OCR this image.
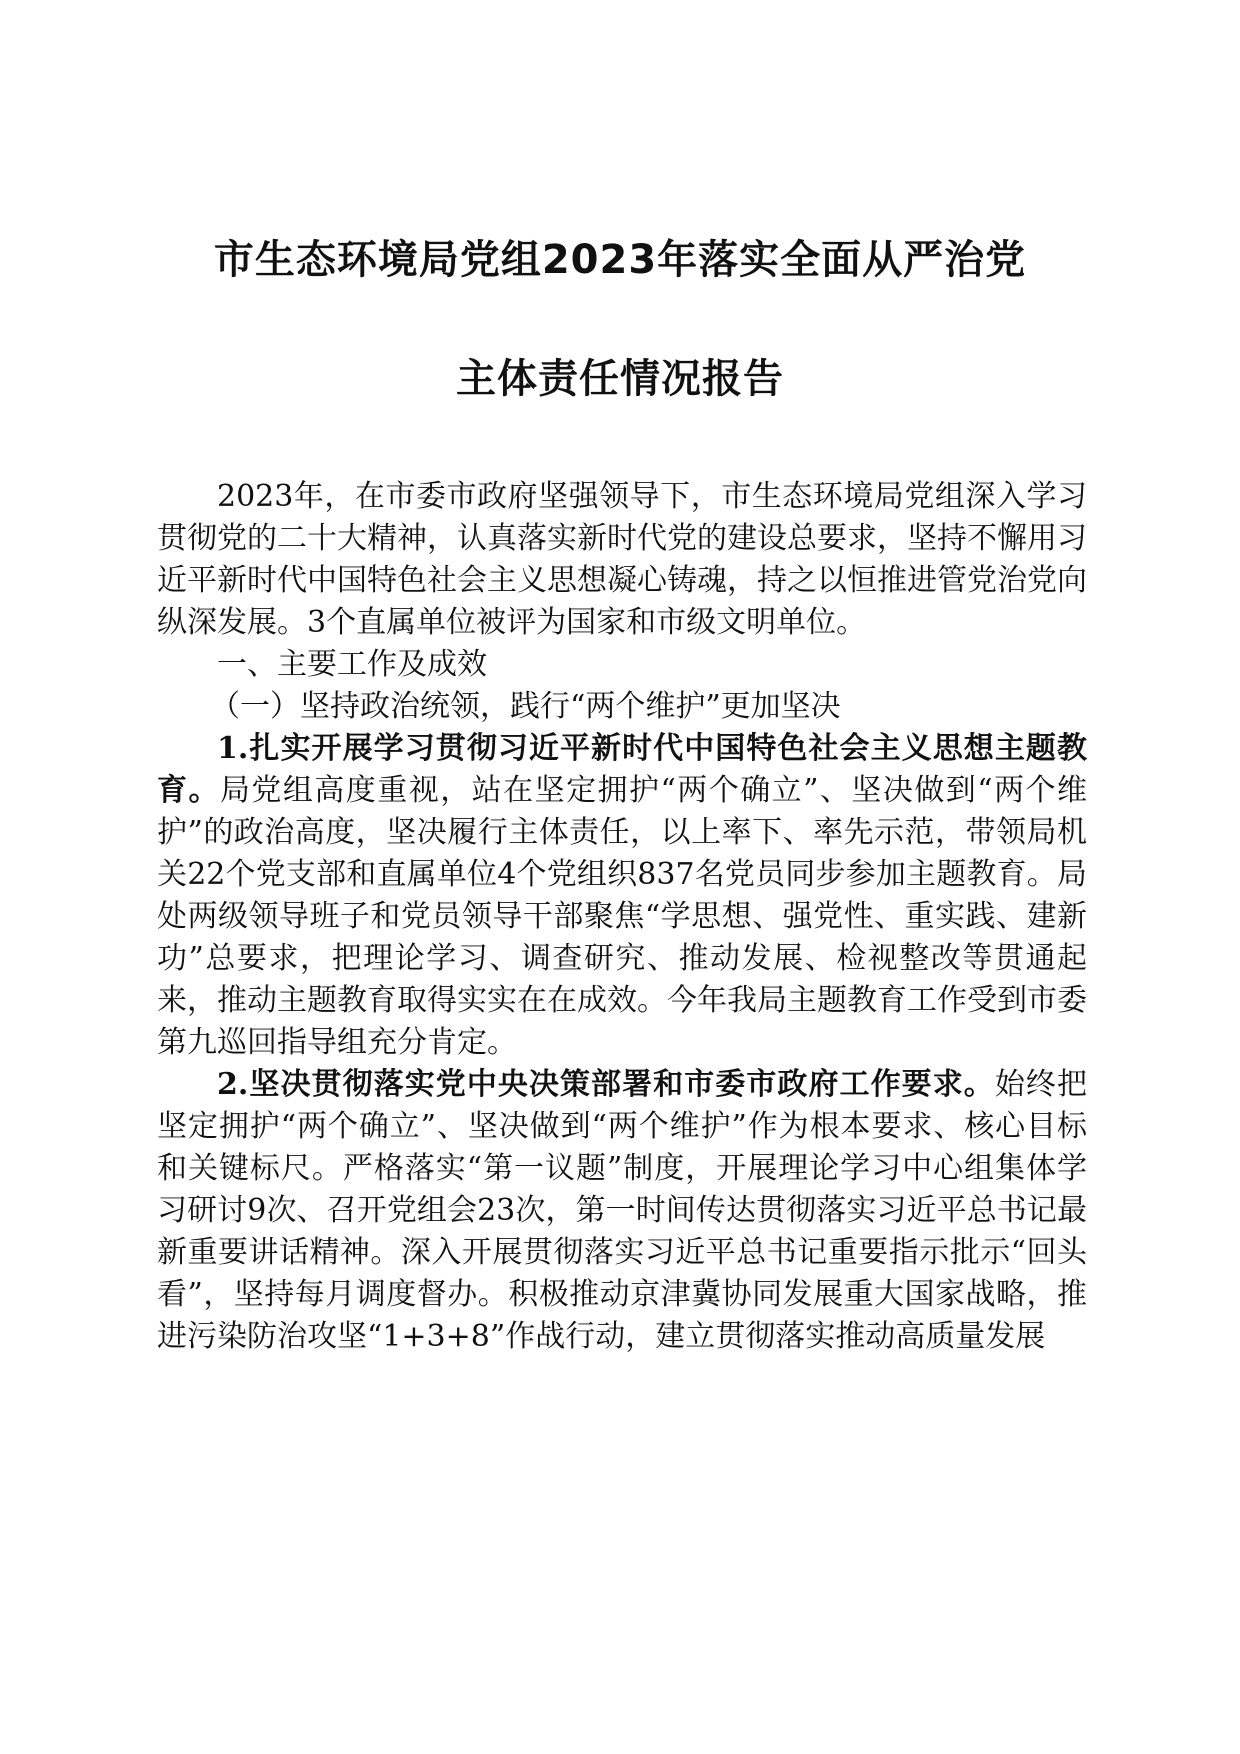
市生态环境局党组2023年落实全面从严治党
主体责任情况报告

2023年，在市委市政府坚强领导下，市生态环境局党组深入学习贯彻党的二十大精神，认真落实新时代党的建设总要求，坚持不懈用习近平新时代中国特色社会主义思想凝心铸魂，持之以恒推进管党治党向纵深发展。3个直属单位被评为国家和市级文明单位。

一、主要工作及成效

（一）坚持政治统领，践行“两个维护”更加坚决

1.扎实开展学习贯彻习近平新时代中国特色社会主义思想主题教育。局党组高度重视，站在坚定拥护“两个确立”、坚决做到“两个维护”的政治高度，坚决履行主体责任，以上率下、率先示范，带领局机关22个党支部和直属单位4个党组织837名党员同步参加主题教育。局处两级领导班子和党员领导干部聚焦“学思想、强党性、重实践、建新功”总要求，把理论学习、调查研究、推动发展、检视整改等贯通起来，推动主题教育取得实实在在成效。今年我局主题教育工作受到市委第九巡回指导组充分肯定。

2.坚决贯彻落实党中央决策部署和市委市政府工作要求。始终把坚定拥护“两个确立”、坚决做到“两个维护”作为根本要求、核心目标和关键标尺。严格落实“第一议题”制度，开展理论学习中心组集体学习研讨9次、召开党组会23次，第一时间传达贯彻落实习近平总书记最新重要讲话精神。深入开展贯彻落实习近平总书记重要指示批示“回头看”，坚持每月调度督办。积极推动京津冀协同发展重大国家战略，推进污染防治攻坚“1+3+8”作战行动，建立贯彻落实推动高质量发展
